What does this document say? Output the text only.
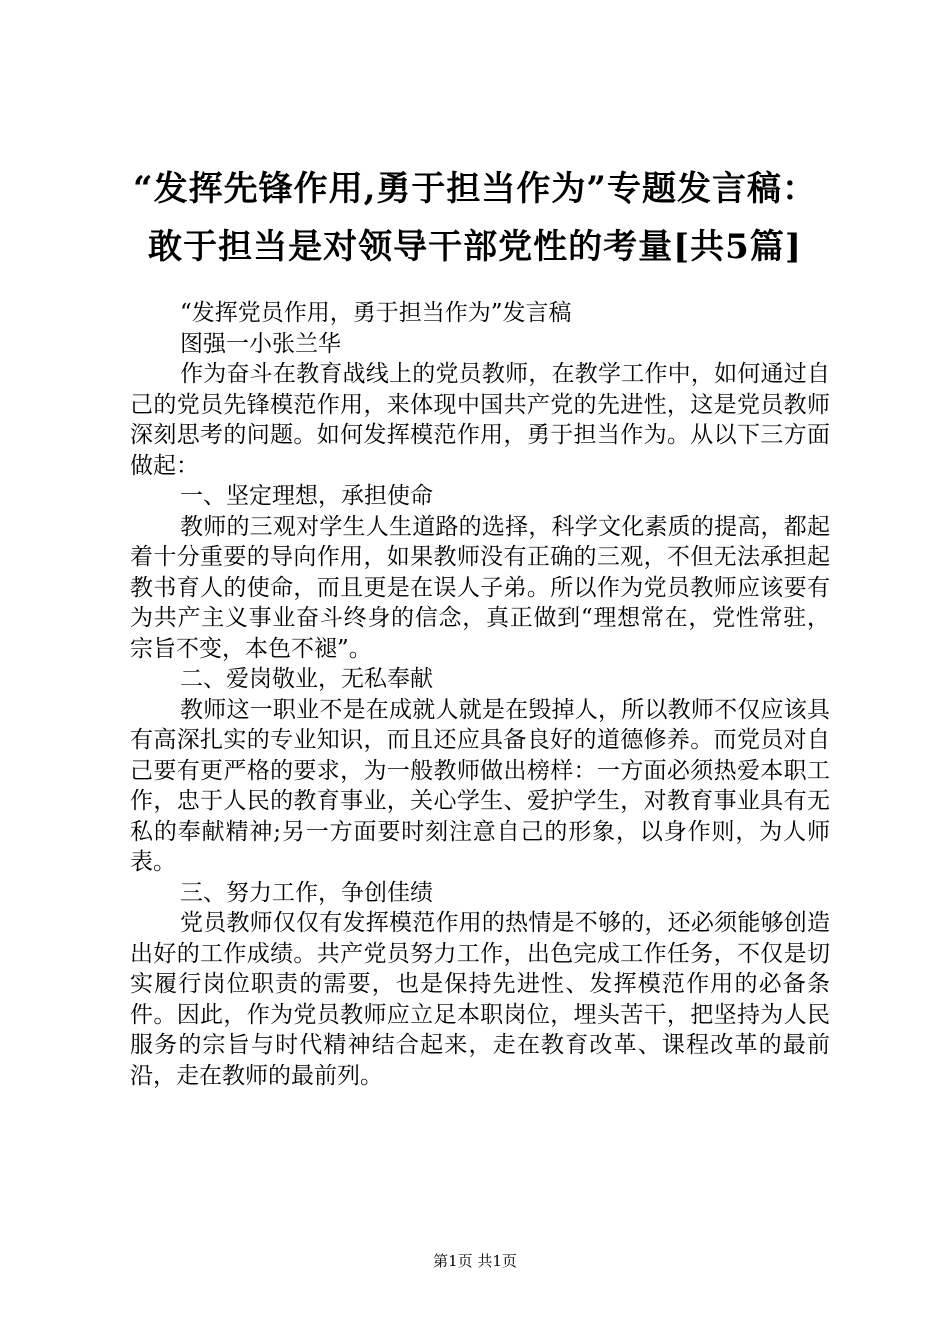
“发挥先锋作用,勇于担当作为”专题发言稿：
敢于担当是对领导干部党性的考量[共5篇]

“发挥党员作用，勇于担当作为”发言稿

图强一小张兰华

作为奋斗在教育战线上的党员教师，在教学工作中，如何通过自己的党员先锋模范作用，来体现中国共产党的先进性，这是党员教师深刻思考的问题。如何发挥模范作用，勇于担当作为。从以下三方面做起：

一、坚定理想，承担使命

教师的三观对学生人生道路的选择，科学文化素质的提高，都起着十分重要的导向作用，如果教师没有正确的三观，不但无法承担起教书育人的使命，而且更是在误人子弟。所以作为党员教师应该要有为共产主义事业奋斗终身的信念，真正做到“理想常在，党性常驻，宗旨不变，本色不褪”。

二、爱岗敬业，无私奉献

教师这一职业不是在成就人就是在毁掉人，所以教师不仅应该具有高深扎实的专业知识，而且还应具备良好的道德修养。而党员对自己要有更严格的要求，为一般教师做出榜样：一方面必须热爱本职工作，忠于人民的教育事业，关心学生、爱护学生，对教育事业具有无私的奉献精神;另一方面要时刻注意自己的形象，以身作则，为人师表。

三、努力工作，争创佳绩

党员教师仅仅有发挥模范作用的热情是不够的，还必须能够创造出好的工作成绩。共产党员努力工作，出色完成工作任务，不仅是切实履行岗位职责的需要，也是保持先进性、发挥模范作用的必备条件。因此，作为党员教师应立足本职岗位，埋头苦干，把坚持为人民服务的宗旨与时代精神结合起来，走在教育改革、课程改革的最前沿，走在教师的最前列。

第1页 共1页
